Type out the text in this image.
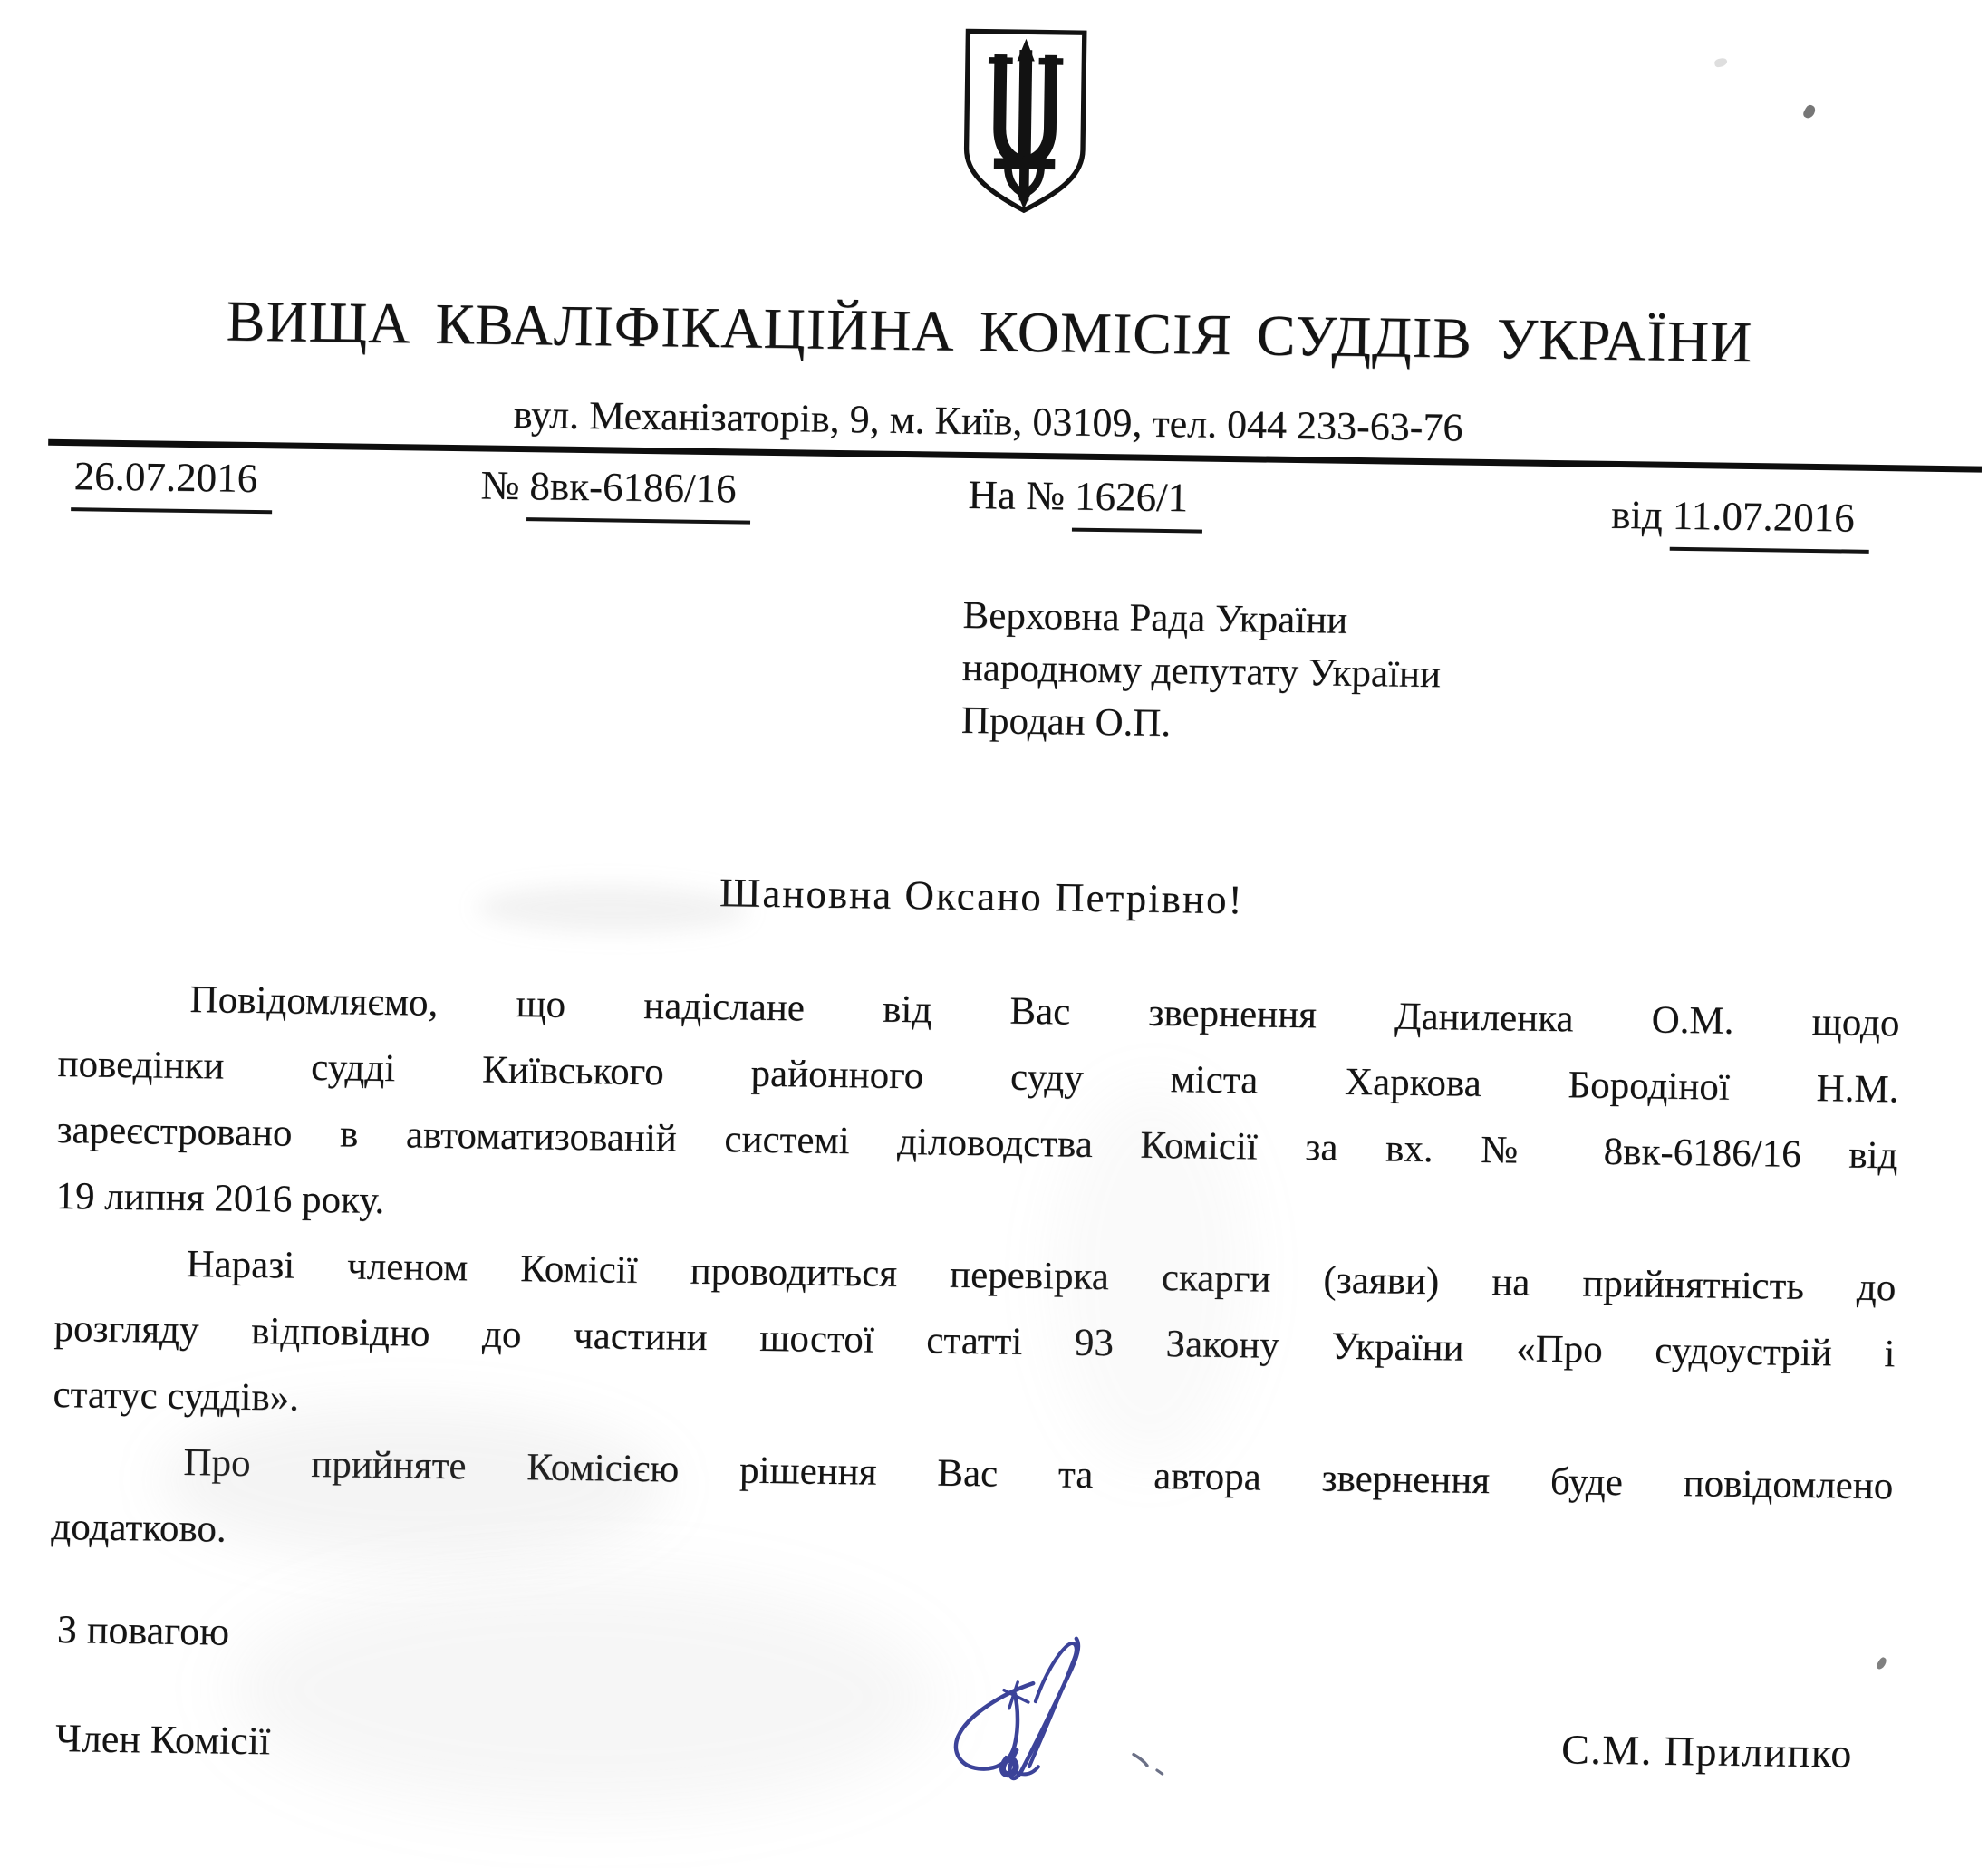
ВИЩА КВАЛІФІКАЦІЙНА КОМІСІЯ СУДДІВ УКРАЇНИ
вул. Механізаторів, 9, м. Київ, 03109, тел. 044 233-63-76
26.07.2016	№ 8вк-6186/16	На № 1626/1	від 11.07.2016
Верховна Рада України
народному депутату України
Продан О.П.
Шановна Оксано Петрівно!
Повідомляємо, що надіслане від Вас звернення Даниленка О.М. щодо
поведінки судді Київського районного суду міста Харкова Бородіної Н.М.
зареєстровано в автоматизованій системі діловодства Комісії за вх. № 8вк-6186/16 від
19 липня 2016 року.
Наразі членом Комісії проводиться перевірка скарги (заяви) на прийнятність до
розгляду відповідно до частини шостої статті 93 Закону України «Про судоустрій і
статус суддів».
Про прийняте Комісією рішення Вас та автора звернення буде повідомлено
додатково.
З повагою
Член Комісії	С.М. Прилипко
